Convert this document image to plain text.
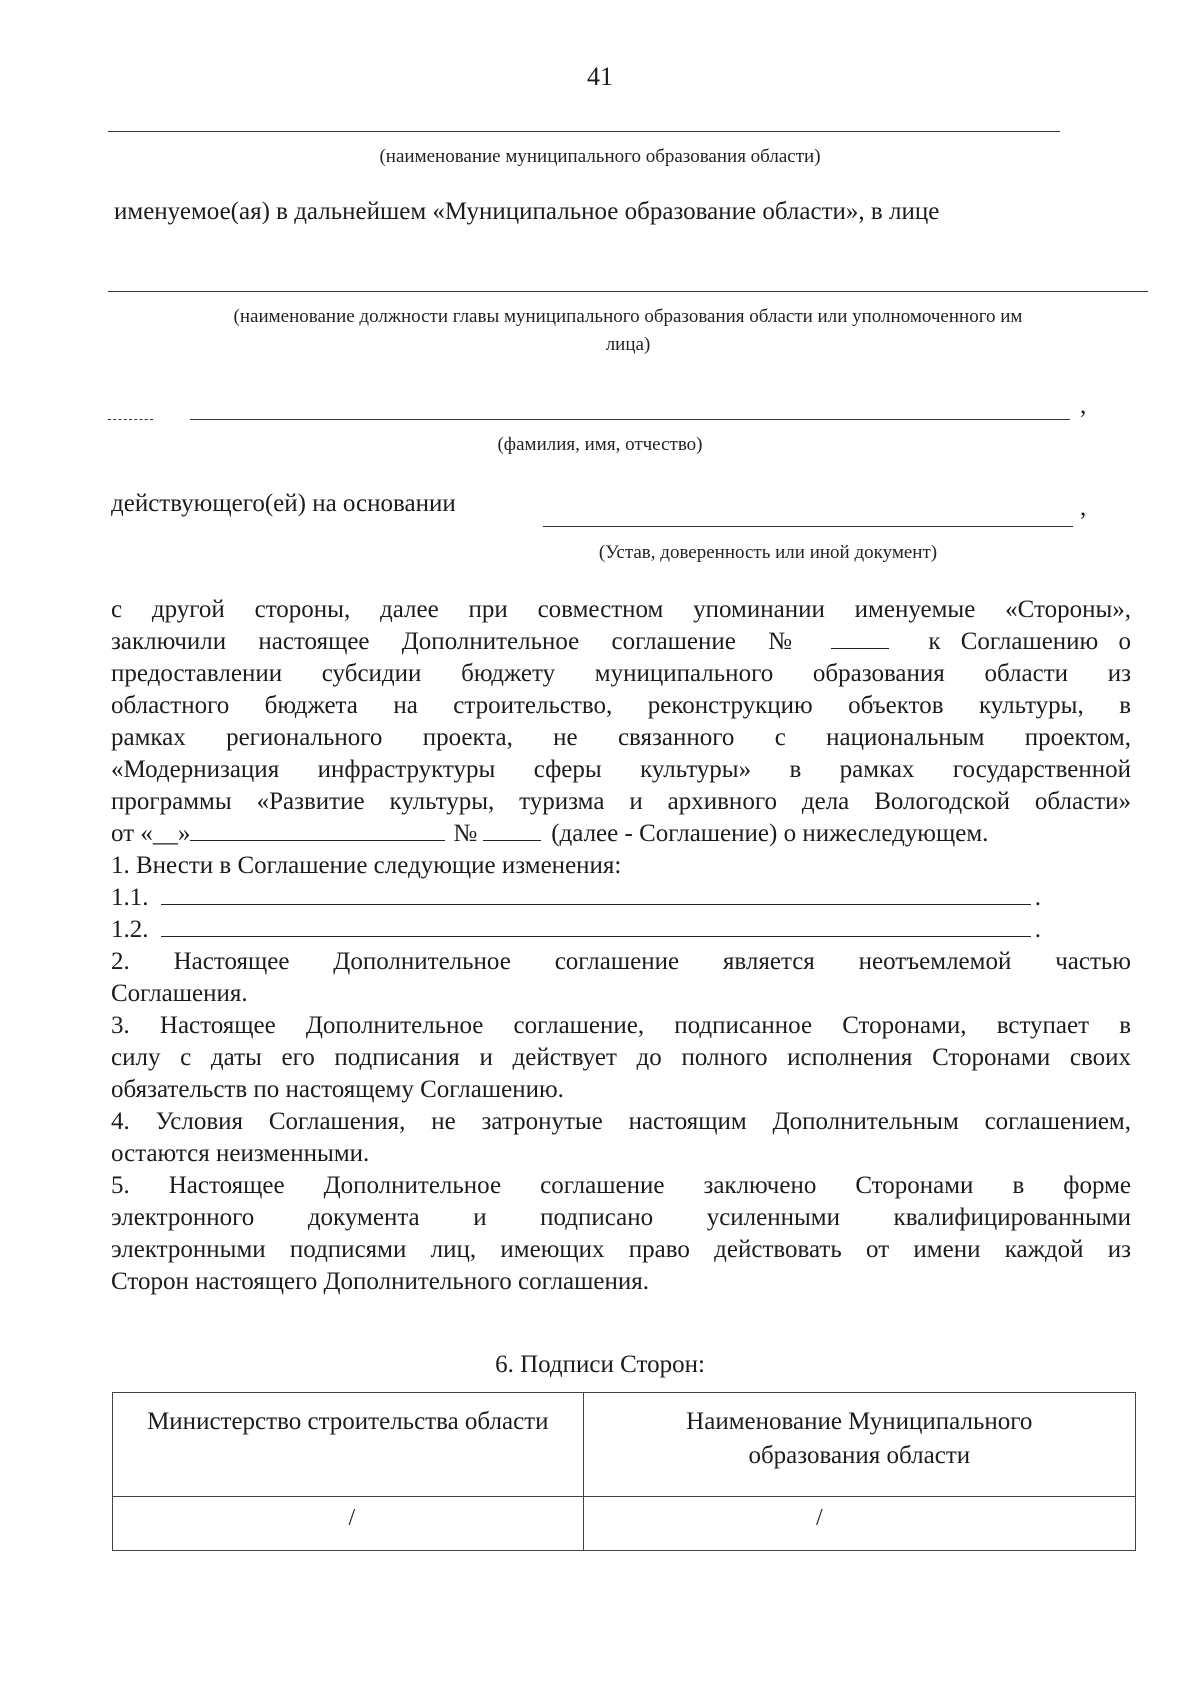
41
(наименование муниципального образования области)
именуемое(ая) в дальнейшем «Муниципальное образование области», в лице
(наименование должности главы муниципального образования области или уполномоченного им
лица)
,
(фамилия, имя, отчество)
действующего(ей) на основании	,
(Устав, доверенность или иной документ)
с другой стороны, далее при совместном упоминании именуемые «Стороны»,
заключили настоящее Дополнительное соглашение №	к Соглашению о
предоставлении субсидии бюджету муниципального образования области из
областного бюджета на строительство, реконструкцию объектов культуры, в
рамках регионального проекта, не связанного с национальным проектом,
«Модернизация инфраструктуры сферы культуры» в рамках государственной
программы «Развитие культуры, туризма и архивного дела Вологодской области»
от «__»	№	(далее - Соглашение) о нижеследующем.
1. Внести в Соглашение следующие изменения:
1.1.	.
1.2.	.
2. Настоящее Дополнительное соглашение является неотъемлемой частью
Соглашения.
3. Настоящее Дополнительное соглашение, подписанное Сторонами, вступает в
силу с даты его подписания и действует до полного исполнения Сторонами своих
обязательств по настоящему Соглашению.
4. Условия Соглашения, не затронутые настоящим Дополнительным соглашением,
остаются неизменными.
5. Настоящее Дополнительное соглашение заключено Сторонами в форме
электронного документа и подписано усиленными квалифицированными
электронными подписями лиц, имеющих право действовать от имени каждой из
Сторон настоящего Дополнительного соглашения.
6. Подписи Сторон:
Министерство строительства области	Наименование Муниципального
образования области

/	/
